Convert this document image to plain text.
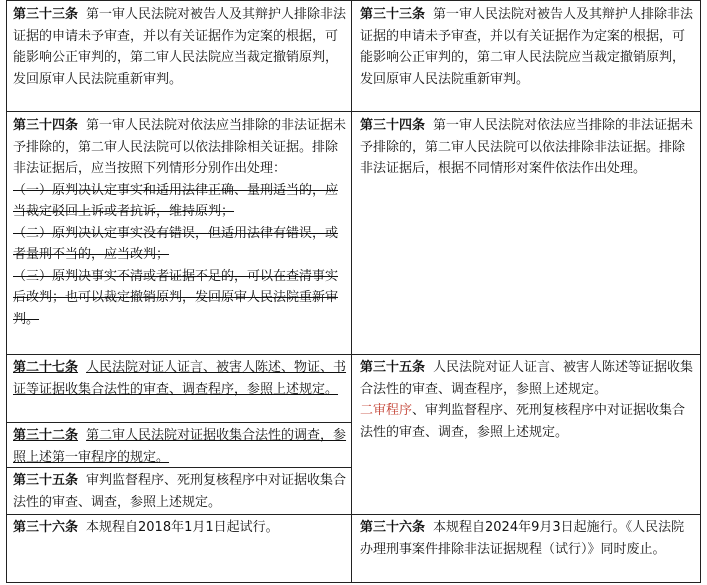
第三十三条 第一审人民法院对被告人及其辩护人排除非法证据的申请未予审查，并以有关证据作为定案的根据，可能影响公正审判的，第二审人民法院应当裁定撤销原判，发回原审人民法院重新审判。

第三十三条 第一审人民法院对被告人及其辩护人排除非法证据的申请未予审查，并以有关证据作为定案的根据，可能影响公正审判的，第二审人民法院应当裁定撤销原判，发回原审人民法院重新审判。

第三十四条 第一审人民法院对依法应当排除的非法证据未予排除的，第二审人民法院可以依法排除相关证据。排除非法证据后，应当按照下列情形分别作出处理：

（一）原判决认定事实和适用法律正确、量刑适当的，应当裁定驳回上诉或者抗诉，维持原判；

（二）原判决认定事实没有错误，但适用法律有错误，或者量刑不当的，应当改判；

（三）原判决事实不清或者证据不足的，可以在查清事实后改判；也可以裁定撤销原判，发回原审人民法院重新审判。

第三十四条 第一审人民法院对依法应当排除的非法证据未予排除的，第二审人民法院可以依法排除非法证据。排除非法证据后，根据不同情形对案件依法作出处理。

第二十七条 人民法院对证人证言、被害人陈述、物证、书证等证据收集合法性的审查、调查程序，参照上述规定。

第三十二条 第二审人民法院对证据收集合法性的调查，参照上述第一审程序的规定。

第三十五条 审判监督程序、死刑复核程序中对证据收集合法性的审查、调查，参照上述规定。

第三十五条 人民法院对证人证言、被害人陈述等证据收集合法性的审查、调查程序，参照上述规定。

二审程序、审判监督程序、死刑复核程序中对证据收集合法性的审查、调查，参照上述规定。

第三十六条 本规程自2018年1月1日起试行。	第三十六条 本规程自2024年9月3日起施行。《人民法院办理刑事案件排除非法证据规程（试行）》同时废止。
